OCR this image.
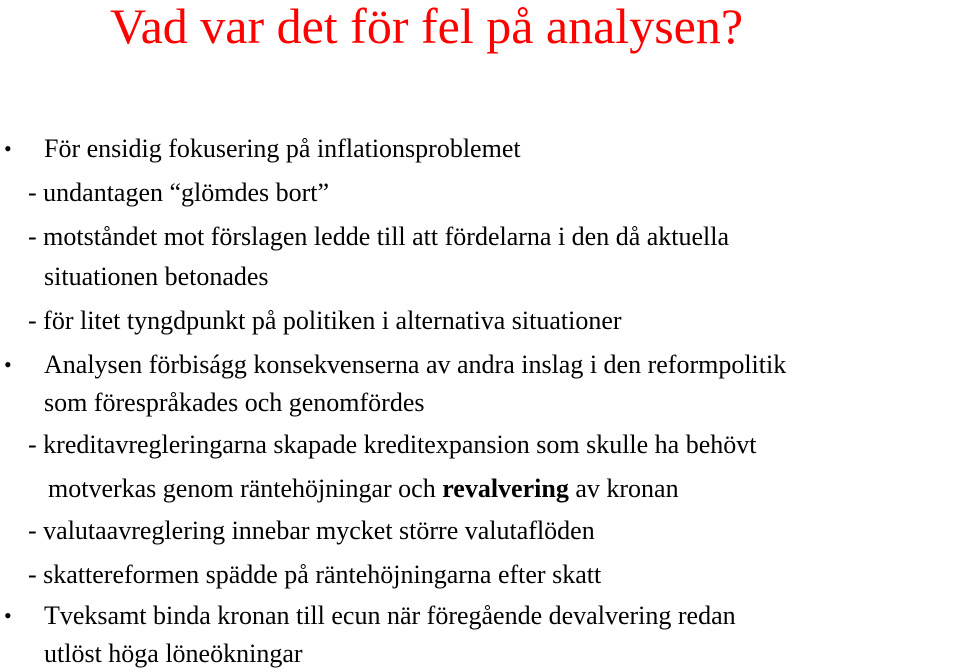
Vad var det för fel på analysen?
• För ensidig fokusering på inflationsproblemet
- undantagen “glömdes bort”
- motståndet mot förslagen ledde till att fördelarna i den då aktuella
situationen betonades
- för litet tyngdpunkt på politiken i alternativa situationer
• Analysen förbiságg konsekvenserna av andra inslag i den reformpolitik
som förespråkades och genomfördes
- kreditavregleringarna skapade kreditexpansion som skulle ha behövt
motverkas genom räntehöjningar och revalvering av kronan
- valutaavreglering innebar mycket större valutaflöden
- skattereformen spädde på räntehöjningarna efter skatt
• Tveksamt binda kronan till ecun när föregående devalvering redan
utlöst höga löneökningar
